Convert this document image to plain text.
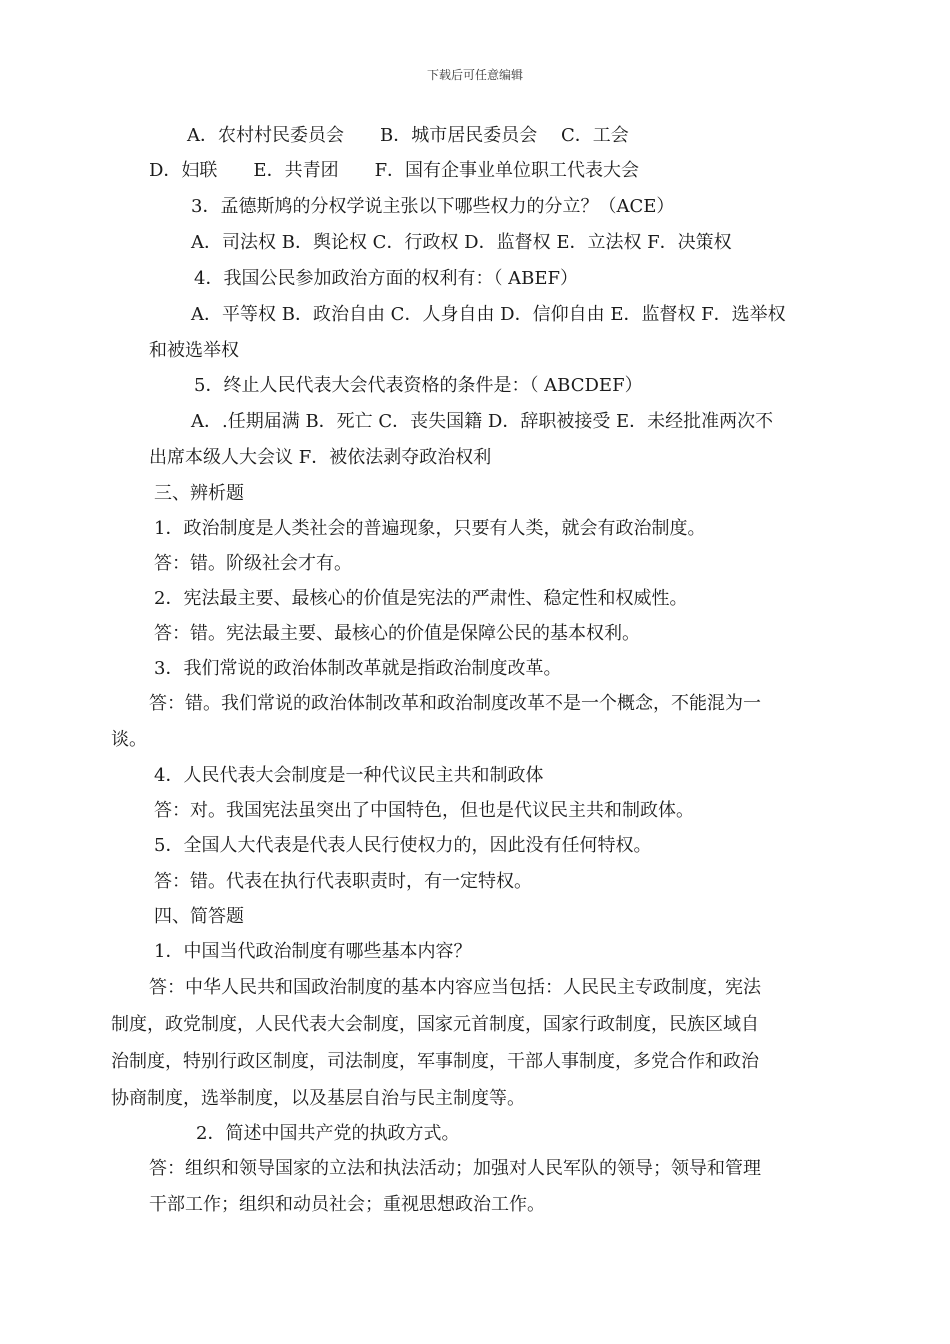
下载后可任意编辑
A．农村村民委员会　　B．城市居民委员会　 C．工会
D．妇联　　E．共青团　　F．国有企事业单位职工代表大会
3．孟德斯鸠的分权学说主张以下哪些权力的分立？（ACE）
A．司法权 B．舆论权 C．行政权 D．监督权 E．立法权 F．决策权
4．我国公民参加政治方面的权利有：（ ABEF）
A．平等权 B．政治自由 C．人身自由 D．信仰自由 E．监督权 F．选举权
和被选举权
5．终止人民代表大会代表资格的条件是：（ ABCDEF）
A．.任期届满 B．死亡 C．丧失国籍 D．辞职被接受 E．未经批准两次不
出席本级人大会议 F．被依法剥夺政治权利
三、辨析题
1．政治制度是人类社会的普遍现象，只要有人类，就会有政治制度。
答：错。阶级社会才有。
2．宪法最主要、最核心的价值是宪法的严肃性、稳定性和权威性。
答：错。宪法最主要、最核心的价值是保障公民的基本权利。
3．我们常说的政治体制改革就是指政治制度改革。
答：错。我们常说的政治体制改革和政治制度改革不是一个概念，不能混为一
谈。
4．人民代表大会制度是一种代议民主共和制政体
答：对。我国宪法虽突出了中国特色，但也是代议民主共和制政体。
5．全国人大代表是代表人民行使权力的，因此没有任何特权。
答：错。代表在执行代表职责时，有一定特权。
四、简答题
1．中国当代政治制度有哪些基本内容？
答：中华人民共和国政治制度的基本内容应当包括：人民民主专政制度，宪法
制度，政党制度，人民代表大会制度，国家元首制度，国家行政制度，民族区域自
治制度，特别行政区制度，司法制度，军事制度，干部人事制度，多党合作和政治
协商制度，选举制度，以及基层自治与民主制度等。
2．简述中国共产党的执政方式。
答：组织和领导国家的立法和执法活动；加强对人民军队的领导；领导和管理
干部工作；组织和动员社会；重视思想政治工作。
